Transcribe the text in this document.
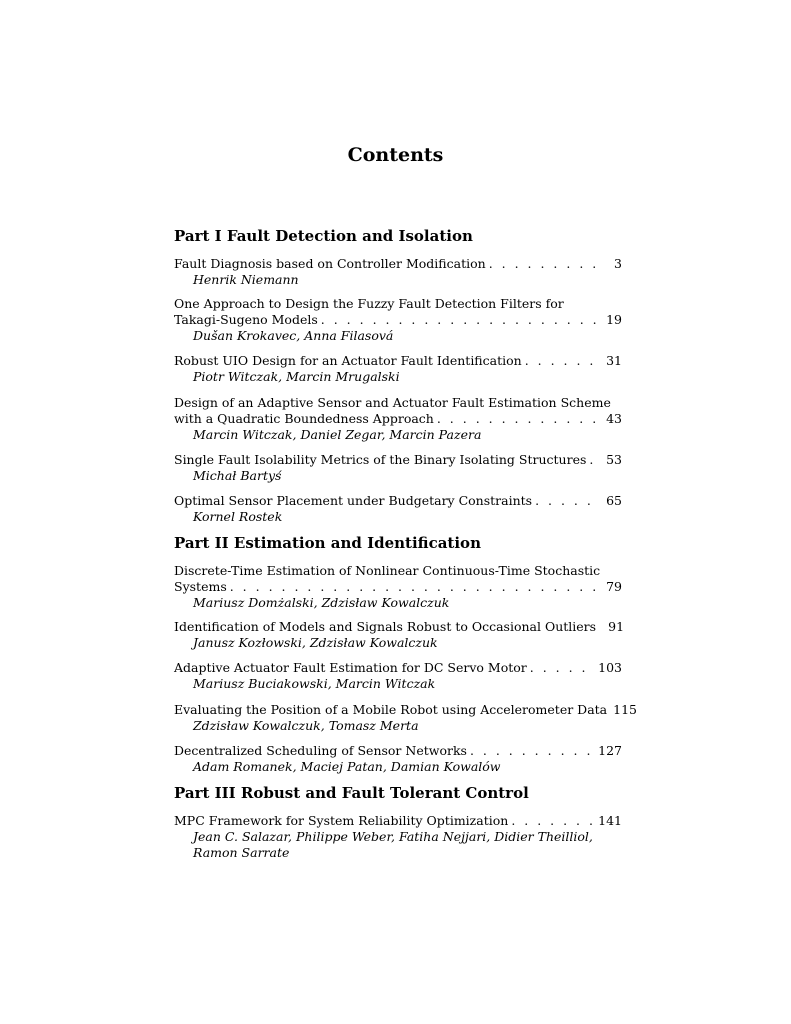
Contents
Part I Fault Detection and Isolation
Fault Diagnosis based on Controller Modification . . .	3
Henrik Niemann
One Approach to Design the Fuzzy Fault Detection Filters for
Takagi-Sugeno Models . . .	19
Dušan Krokavec, Anna Filasová
Robust UIO Design for an Actuator Fault Identification . . .	31
Piotr Witczak, Marcin Mrugalski
Design of an Adaptive Sensor and Actuator Fault Estimation Scheme
with a Quadratic Boundedness Approach . . .	43
Marcin Witczak, Daniel Zegar, Marcin Pazera
Single Fault Isolability Metrics of the Binary Isolating Structures . . .	53
Michał Bartyś
Optimal Sensor Placement under Budgetary Constraints . . .	65
Kornel Rostek
Part II Estimation and Identification
Discrete-Time Estimation of Nonlinear Continuous-Time Stochastic
Systems . . .	79
Mariusz Domżalski, Zdzisław Kowalczuk
Identification of Models and Signals Robust to Occasional Outliers 91
Janusz Kozłowski, Zdzisław Kowalczuk
Adaptive Actuator Fault Estimation for DC Servo Motor . . .	103
Mariusz Buciakowski, Marcin Witczak
Evaluating the Position of a Mobile Robot using Accelerometer Data 115
Zdzisław Kowalczuk, Tomasz Merta
Decentralized Scheduling of Sensor Networks . . .	127
Adam Romanek, Maciej Patan, Damian Kowalów
Part III Robust and Fault Tolerant Control
MPC Framework for System Reliability Optimization . . .	141
Jean C. Salazar, Philippe Weber, Fatiha Nejjari, Didier Theilliol,
Ramon Sarrate
